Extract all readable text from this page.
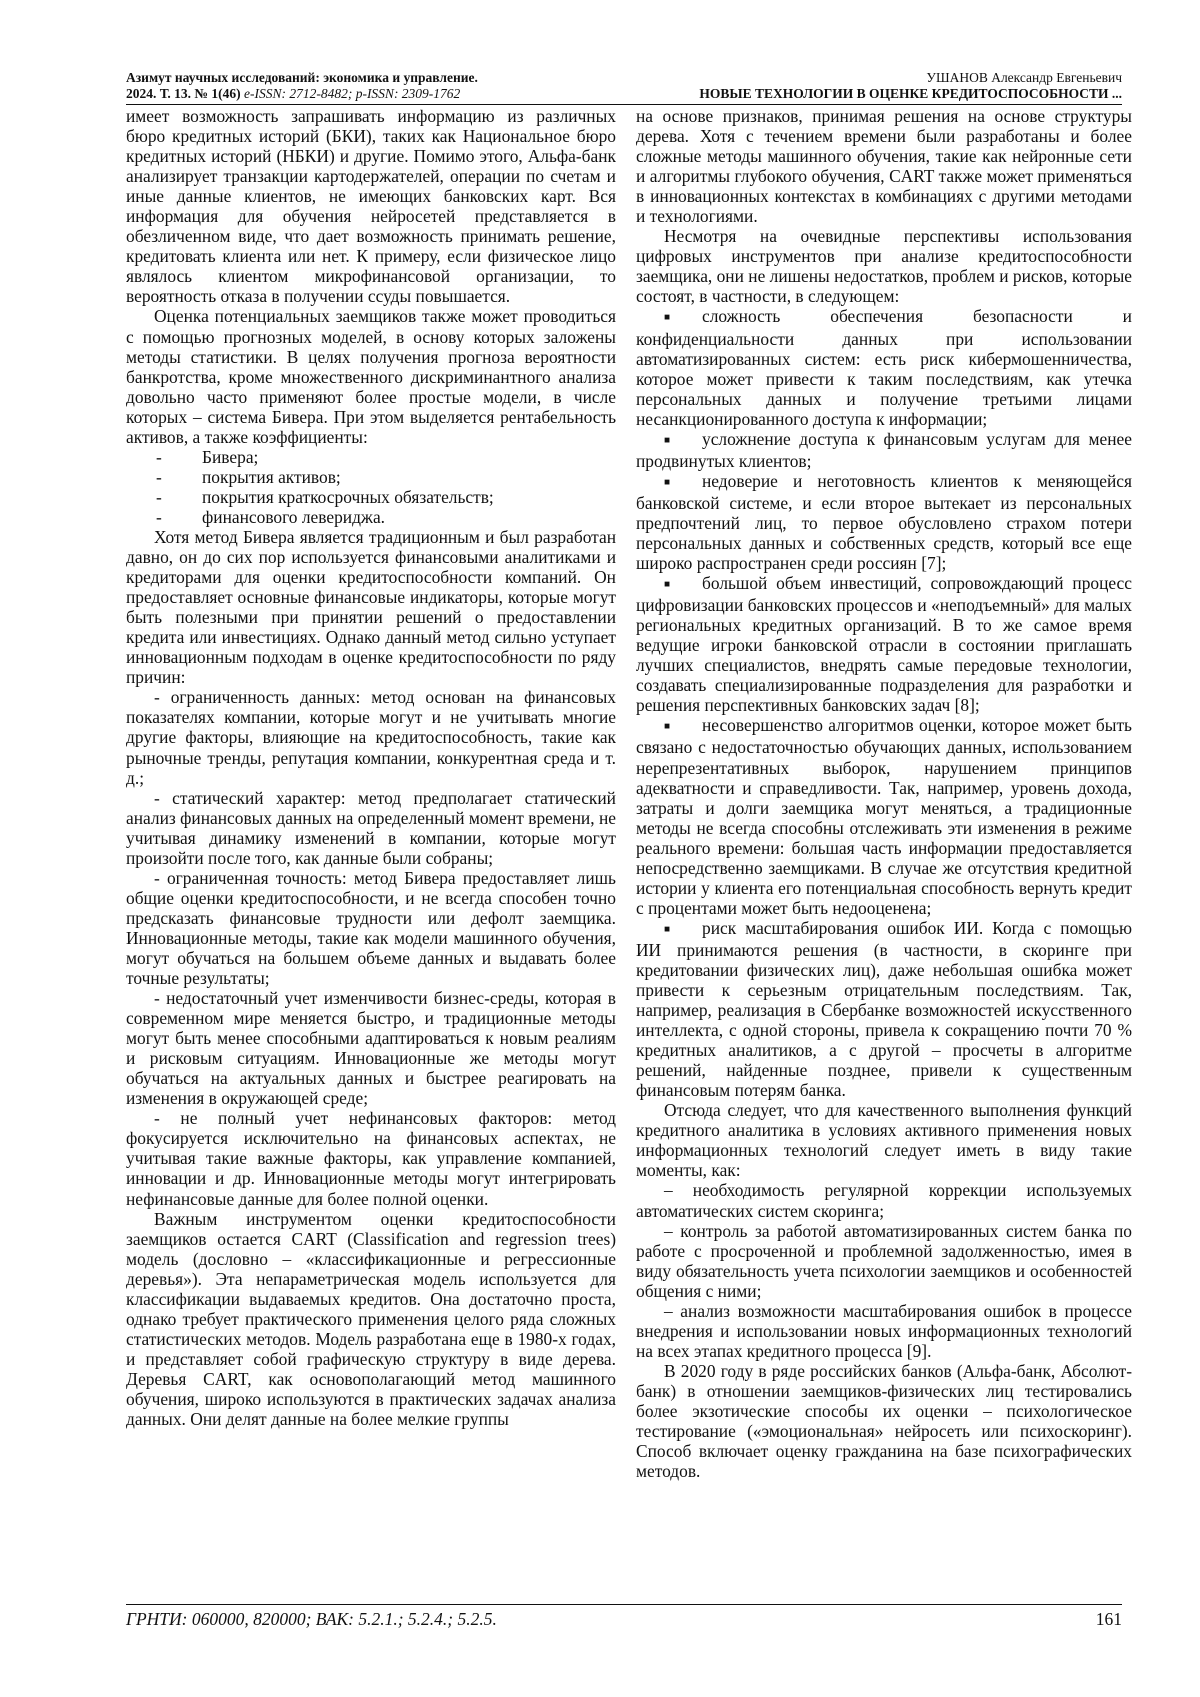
Азимут научных исследований: экономика и управление.
2024. Т. 13. № 1(46) e-ISSN: 2712-8482; p-ISSN: 2309-1762
УШАНОВ Александр Евгеньевич
НОВЫЕ ТЕХНОЛОГИИ В ОЦЕНКЕ КРЕДИТОСПОСОБНОСТИ ...

имеет возможность запрашивать информацию из различных бюро кредитных историй (БКИ), таких как Национальное бюро кредитных историй (НБКИ) и другие. Помимо этого, Альфа-банк анализирует транзакции картодержателей, операции по счетам и иные данные клиентов, не имеющих банковских карт. Вся информация для обучения нейросетей представляется в обезличенном виде, что дает возможность принимать решение, кредитовать клиента или нет. К примеру, если физическое лицо являлось клиентом микрофинансовой организации, то вероятность отказа в получении ссуды повышается.

Оценка потенциальных заемщиков также может проводиться с помощью прогнозных моделей, в основу которых заложены методы статистики. В целях получения прогноза вероятности банкротства, кроме множественного дискриминантного анализа довольно часто применяют более простые модели, в числе которых – система Бивера. При этом выделяется рентабельность активов, а также коэффициенты:

-	Бивера;
-	покрытия активов;
-	покрытия краткосрочных обязательств;
-	финансового левериджа.

Хотя метод Бивера является традиционным и был разработан давно, он до сих пор используется финансовыми аналитиками и кредиторами для оценки кредитоспособности компаний. Он предоставляет основные финансовые индикаторы, которые могут быть полезными при принятии решений о предоставлении кредита или инвестициях. Однако данный метод сильно уступает инновационным подходам в оценке кредитоспособности по ряду причин:

- ограниченность данных: метод основан на финансовых показателях компании, которые могут и не учитывать многие другие факторы, влияющие на кредитоспособность, такие как рыночные тренды, репутация компании, конкурентная среда и т. д.;

- статический характер: метод предполагает статический анализ финансовых данных на определенный момент времени, не учитывая динамику изменений в компании, которые могут произойти после того, как данные были собраны;

- ограниченная точность: метод Бивера предоставляет лишь общие оценки кредитоспособности, и не всегда способен точно предсказать финансовые трудности или дефолт заемщика. Инновационные методы, такие как модели машинного обучения, могут обучаться на большем объеме данных и выдавать более точные результаты;

- недостаточный учет изменчивости бизнес-среды, которая в современном мире меняется быстро, и традиционные методы могут быть менее способными адаптироваться к новым реалиям и рисковым ситуациям. Инновационные же методы могут обучаться на актуальных данных и быстрее реагировать на изменения в окружающей среде;

- не полный учет нефинансовых факторов: метод фокусируется исключительно на финансовых аспектах, не учитывая такие важные факторы, как управление компанией, инновации и др. Инновационные методы могут интегрировать нефинансовые данные для более полной оценки.

Важным инструментом оценки кредитоспособности заемщиков остается CART (Classification and regression trees) модель (дословно – «классификационные и регрессионные деревья»). Эта непараметрическая модель используется для классификации выдаваемых кредитов. Она достаточно проста, однако требует практического применения целого ряда сложных статистических методов. Модель разработана еще в 1980-х годах, и представляет собой графическую структуру в виде дерева. Деревья CART, как основополагающий метод машинного обучения, широко используются в практических задачах анализа данных. Они делят данные на более мелкие группы

на основе признаков, принимая решения на основе структуры дерева. Хотя с течением времени были разработаны и более сложные методы машинного обучения, такие как нейронные сети и алгоритмы глубокого обучения, CART также может применяться в инновационных контекстах в комбинациях с другими методами и технологиями.

Несмотря на очевидные перспективы использования цифровых инструментов при анализе кредитоспособности заемщика, они не лишены недостатков, проблем и рисков, которые состоят, в частности, в следующем:

■ сложность обеспечения безопасности и конфиденциальности данных при использовании автоматизированных систем: есть риск кибермошенничества, которое может привести к таким последствиям, как утечка персональных данных и получение третьими лицами несанкционированного доступа к информации;

■ усложнение доступа к финансовым услугам для менее продвинутых клиентов;

■ недоверие и неготовность клиентов к меняющейся банковской системе, и если второе вытекает из персональных предпочтений лиц, то первое обусловлено страхом потери персональных данных и собственных средств, который все еще широко распространен среди россиян [7];

■ большой объем инвестиций, сопровождающий процесс цифровизации банковских процессов и «неподъемный» для малых региональных кредитных организаций. В то же самое время ведущие игроки банковской отрасли в состоянии приглашать лучших специалистов, внедрять самые передовые технологии, создавать специализированные подразделения для разработки и решения перспективных банковских задач [8];

■ несовершенство алгоритмов оценки, которое может быть связано с недостаточностью обучающих данных, использованием нерепрезентативных выборок, нарушением принципов адекватности и справедливости. Так, например, уровень дохода, затраты и долги заемщика могут меняться, а традиционные методы не всегда способны отслеживать эти изменения в режиме реального времени: большая часть информации предоставляется непосредственно заемщиками. В случае же отсутствия кредитной истории у клиента его потенциальная способность вернуть кредит с процентами может быть недооценена;

■ риск масштабирования ошибок ИИ. Когда с помощью ИИ принимаются решения (в частности, в скоринге при кредитовании физических лиц), даже небольшая ошибка может привести к серьезным отрицательным последствиям. Так, например, реализация в Сбербанке возможностей искусственного интеллекта, с одной стороны, привела к сокращению почти 70 % кредитных аналитиков, а с другой – просчеты в алгоритме решений, найденные позднее, привели к существенным финансовым потерям банка.

Отсюда следует, что для качественного выполнения функций кредитного аналитика в условиях активного применения новых информационных технологий следует иметь в виду такие моменты, как:

– необходимость регулярной коррекции используемых автоматических систем скоринга;

– контроль за работой автоматизированных систем банка по работе с просроченной и проблемной задолженностью, имея в виду обязательность учета психологии заемщиков и особенностей общения с ними;

– анализ возможности масштабирования ошибок в процессе внедрения и использовании новых информационных технологий на всех этапах кредитного процесса [9].

В 2020 году в ряде российских банков (Альфа-банк, Абсолют-банк) в отношении заемщиков-физических лиц тестировались более экзотические способы их оценки – психологическое тестирование («эмоциональная» нейросеть или психоскоринг). Способ включает оценку гражданина на базе психографических методов.

ГРНТИ: 060000, 820000; ВАК: 5.2.1.; 5.2.4.; 5.2.5.	161
